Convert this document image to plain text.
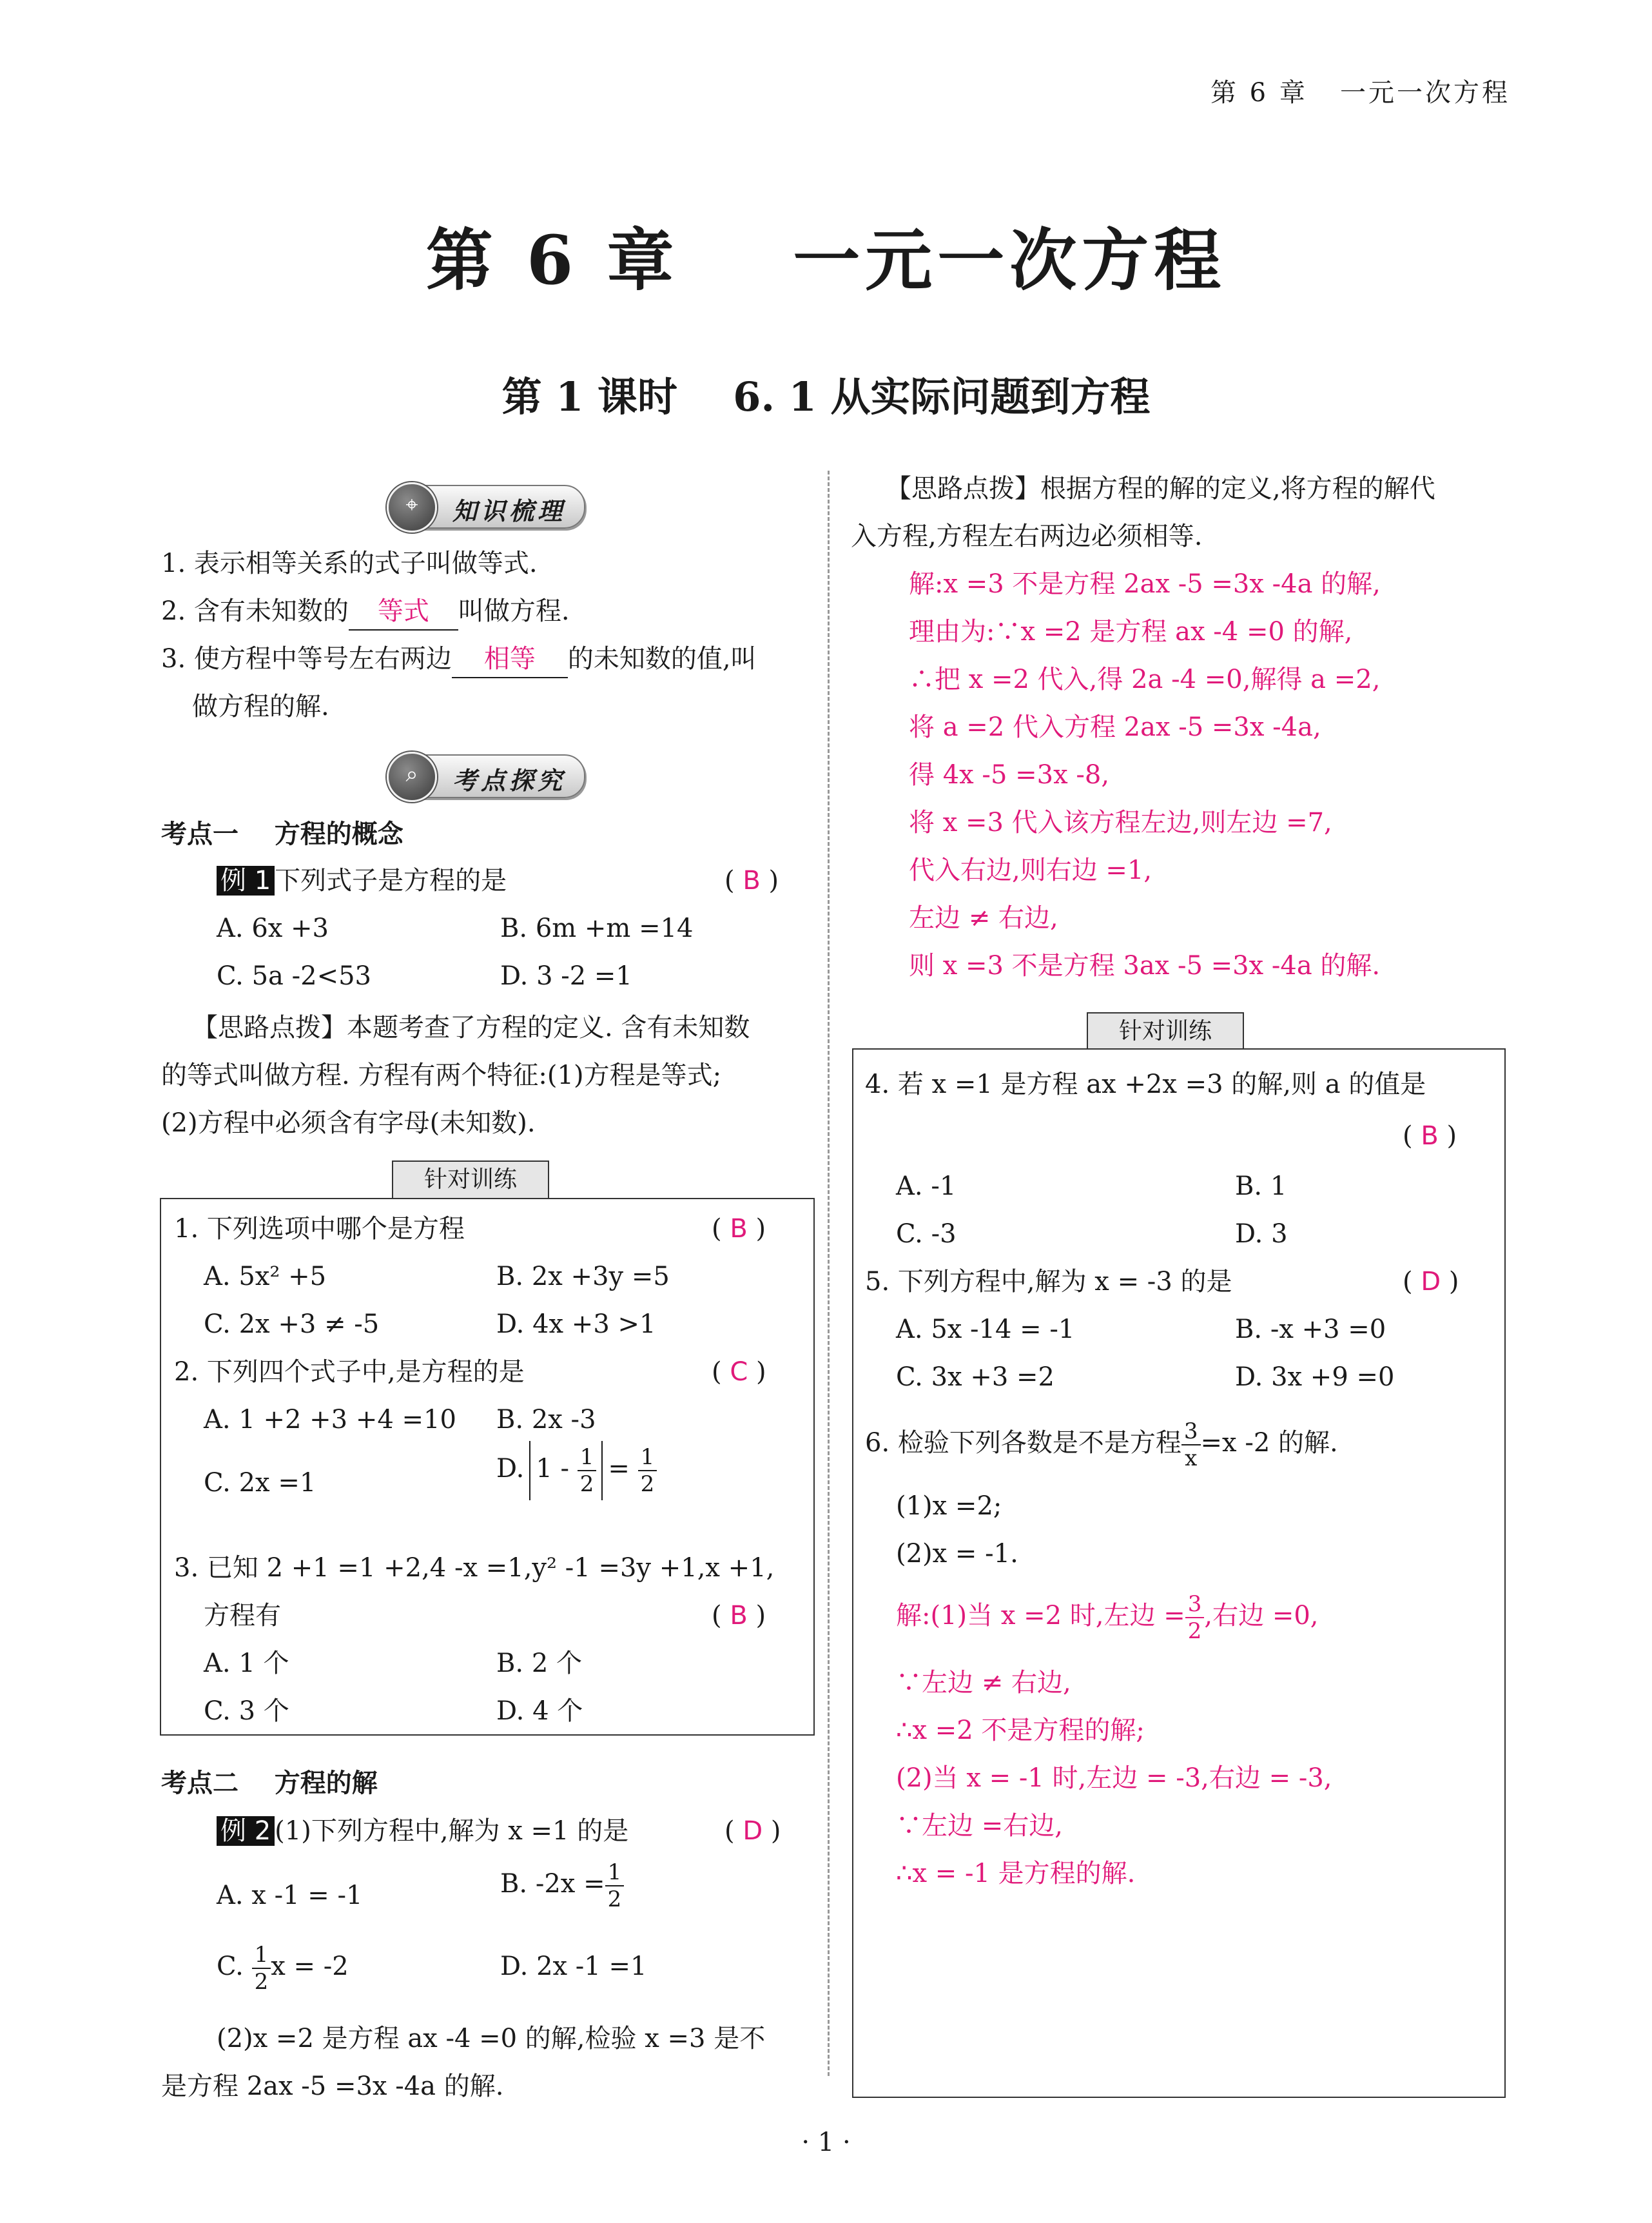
第 6 章   一元一次方程
第 6 章    一元一次方程
第 1 课时    6. 1 从实际问题到方程
⌖	知识梳理
1. 表示相等关系的式子叫做等式.
2. 含有未知数的 等式 叫做方程.
3. 使方程中等号左右两边 相等 的未知数的值,叫
做方程的解.
⌕	考点探究
考点一    方程的概念
例 1 下列式子是方程的是	( B )
A. 6x +3	B. 6m +m =14
C. 5a -2<53	D. 3 -2 =1
【思路点拨】本题考查了方程的定义. 含有未知数
的等式叫做方程. 方程有两个特征:(1)方程是等式;
(2)方程中必须含有字母(未知数).
针对训练
1. 下列选项中哪个是方程	( B )
A. 5x² +5	B. 2x +3y =5
C. 2x +3 ≠ -5	D. 4x +3 >1
2. 下列四个式子中,是方程的是	( C )
A. 1 +2 +3 +4 =10 B. 2x -3
C. 2x =1	D. $1 - \frac{1}{2} = \frac{1}{2}$
3. 已知 2 +1 =1 +2,4 -x =1,y² -1 =3y +1,x +1,
方程有	( B )
A. 1 个	B. 2 个
C. 3 个	D. 4 个
考点二    方程的解
例 2 (1)下列方程中,解为 x =1 的是	( D )
A. x -1 = -1	B. $-2x = \frac{1}{2}$
C. $\frac{1}{2}$ x = -2	D. 2x -1 =1
(2)x =2 是方程 ax -4 =0 的解,检验 x =3 是不
是方程 2ax -5 =3x -4a 的解.
【思路点拨】根据方程的解的定义,将方程的解代
入方程,方程左右两边必须相等.
解:x =3 不是方程 2ax -5 =3x -4a 的解,
理由为:∵x =2 是方程 ax -4 =0 的解,
∴把 x =2 代入,得 2a -4 =0,解得 a =2,
将 a =2 代入方程 2ax -5 =3x -4a,
得 4x -5 =3x -8,
将 x =3 代入该方程左边,则左边 =7,
代入右边,则右边 =1,
左边 ≠ 右边,
则 x =3 不是方程 3ax -5 =3x -4a 的解.
针对训练
4. 若 x =1 是方程 ax +2x =3 的解,则 a 的值是
( B )
A. -1	B. 1
C. -3	D. 3
5. 下列方程中,解为 x = -3 的是	( D )
A. 5x -14 = -1	B. -x +3 =0
C. 3x +3 =2	D. 3x +9 =0
6. 检验下列各数是不是方程 $\frac{3}{x} =x$ -2 的解.
(1)x =2;
(2)x = -1.
解:(1)当 x =2 时,左边 = $\frac{3}{2}$ ,右边 =0,
∵左边 ≠ 右边,
∴x =2 不是方程的解;
(2)当 x = -1 时,左边 = -3,右边 = -3,
∵左边 =右边,
∴x = -1 是方程的解.
· 1 ·
